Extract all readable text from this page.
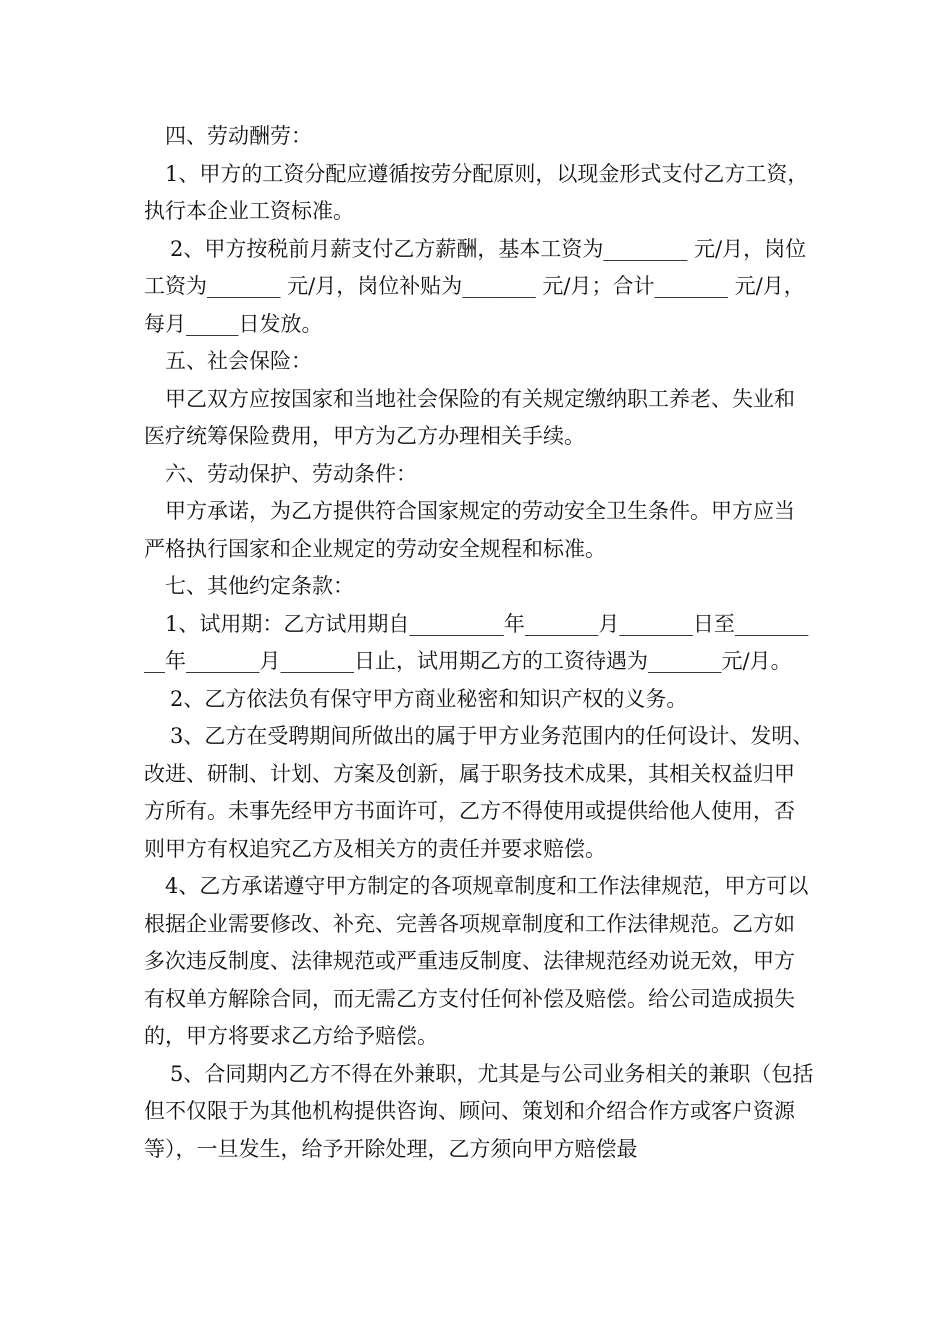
四、劳动酬劳：

1、甲方的工资分配应遵循按劳分配原则，以现金形式支付乙方工资，执行本企业工资标准。

2、甲方按税前月薪支付乙方薪酬，基本工资为________ 元/月，岗位工资为_______ 元/月，岗位补贴为_______ 元/月；合计_______ 元/月，每月_____日发放。

五、社会保险：

甲乙双方应按国家和当地社会保险的有关规定缴纳职工养老、失业和医疗统筹保险费用，甲方为乙方办理相关手续。

六、劳动保护、劳动条件：

甲方承诺，为乙方提供符合国家规定的劳动安全卫生条件。甲方应当严格执行国家和企业规定的劳动安全规程和标准。

七、其他约定条款：

1、试用期：乙方试用期自_________年_______月_______日至_________年_______月_______日止，试用期乙方的工资待遇为_______元/月。

2、乙方依法负有保守甲方商业秘密和知识产权的义务。

3、乙方在受聘期间所做出的属于甲方业务范围内的任何设计、发明、改进、研制、计划、方案及创新，属于职务技术成果，其相关权益归甲方所有。未事先经甲方书面许可，乙方不得使用或提供给他人使用，否则甲方有权追究乙方及相关方的责任并要求赔偿。

4、乙方承诺遵守甲方制定的各项规章制度和工作法律规范，甲方可以根据企业需要修改、补充、完善各项规章制度和工作法律规范。乙方如多次违反制度、法律规范或严重违反制度、法律规范经劝说无效，甲方有权单方解除合同，而无需乙方支付任何补偿及赔偿。给公司造成损失的，甲方将要求乙方给予赔偿。

5、合同期内乙方不得在外兼职，尤其是与公司业务相关的兼职（包括但不仅限于为其他机构提供咨询、顾问、策划和介绍合作方或客户资源等），一旦发生，给予开除处理，乙方须向甲方赔偿最
